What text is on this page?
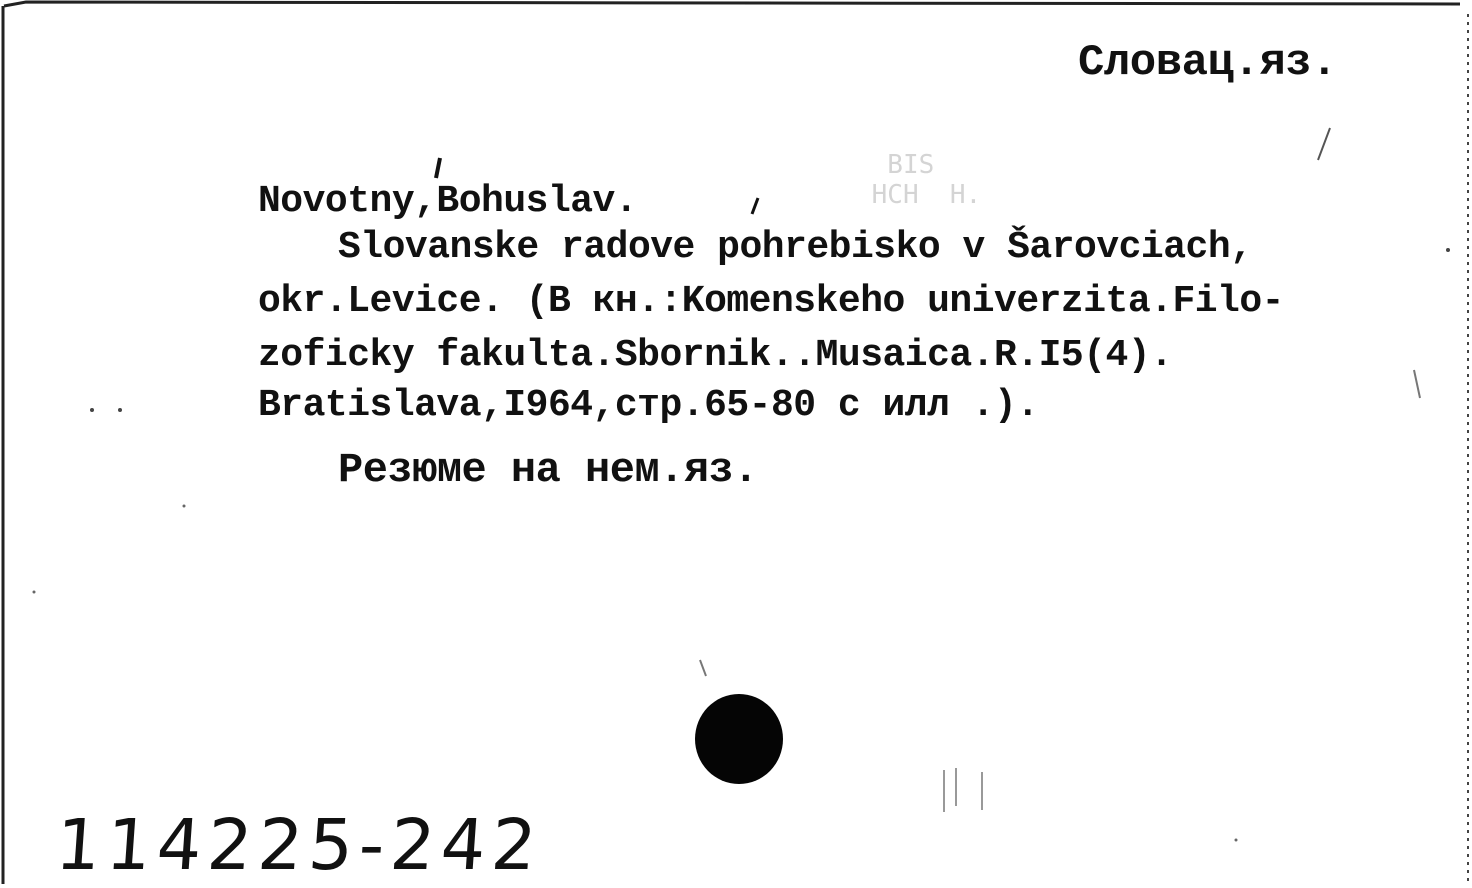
BIS
HCH  H.
Словац.яз.
Novotny,Bohuslav.
Slovanske radove pohrebisko v Šarovciach,
okr.Levice. (В кн.:Komenskeho univerzita.Filo-
zoficky fakulta.Sbornik..Musaica.R.I5(4).
Bratislava,I964,стр.65-80 с илл .).
Резюме на нем.яз.
114225-242
